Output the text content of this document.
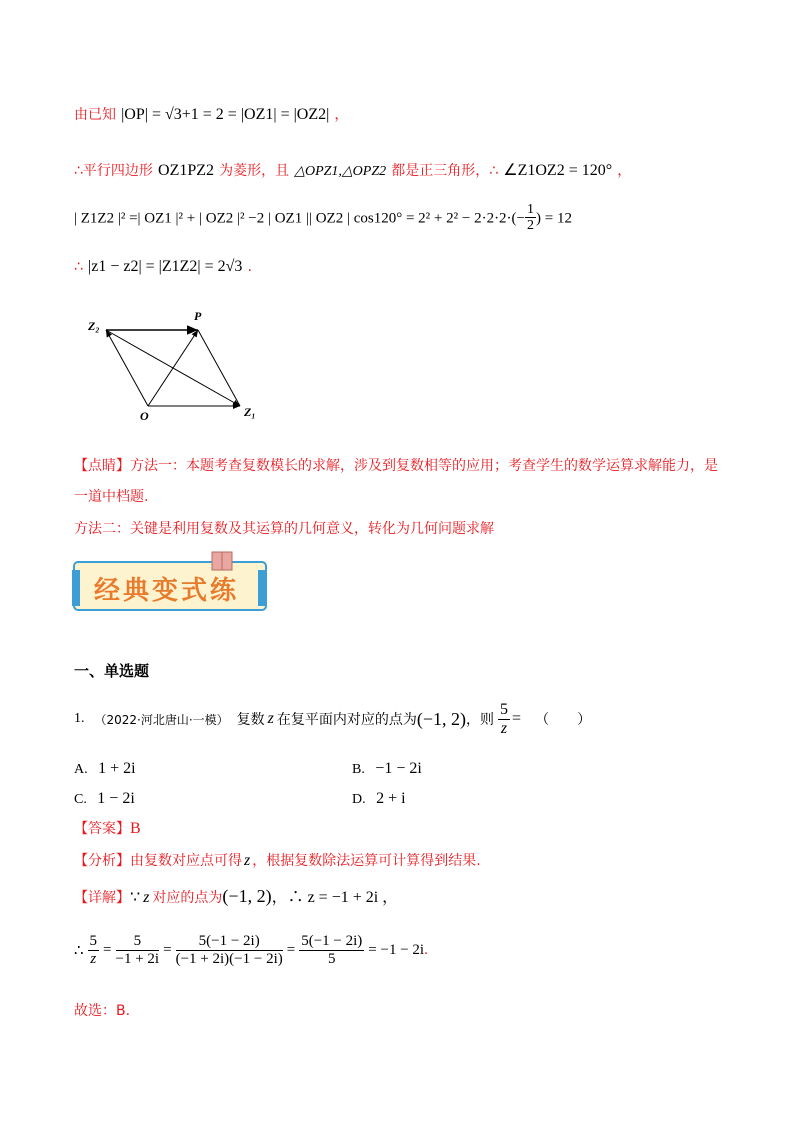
由已知 |OP| = √3+1 = 2 = |OZ1| = |OZ2| ，
∴平行四边形 OZ1PZ2 为菱形，且 △OPZ1,△OPZ2 都是正三角形，∴ ∠Z1OZ2 = 120° ，
| Z1Z2 |² =| OZ1 |² + | OZ2 |² −2 | OZ1 || OZ2 | $\cos 120^\circ = 2^2 + 2^2 - 2\cdot 2\cdot 2\cdot(- \frac{1}{2}$ ) = 12
∴ |z1 − z2| = |Z1Z2| = 2√3 .
Z₂
P
O	Z₁
【点睛】方法一：本题考查复数模长的求解，涉及到复数相等的应用；考查学生的数学运算求解能力，是
一道中档题.
方法二：关键是利用复数及其运算的几何意义，转化为几何问题求解
经典变式练
一、单选题
1. （2022·河北唐山·一模） 复数 z 在复平面内对应的点为 (−1, 2) ，则 $\frac{5}{z}$ = （　　）
A. 1 + 2i	B. −1 − 2i
C. 1 − 2i	D. 2 + i
【答案】B
【分析】由复数对应点可得 z ，根据复数除法运算可计算得到结果.
【详解】∵ z 对应的点为(−1, 2)，∴ z = −1 + 2i ，
∴ $\frac{5}{z} = \frac{5}{-1 + 2i} = \frac{5(-1 - 2i)}{(-1 + 2i)(-1 - 2i)} = \frac{5(-1 - 2i)}{5} = -1 - 2i$ .
故选：B.
